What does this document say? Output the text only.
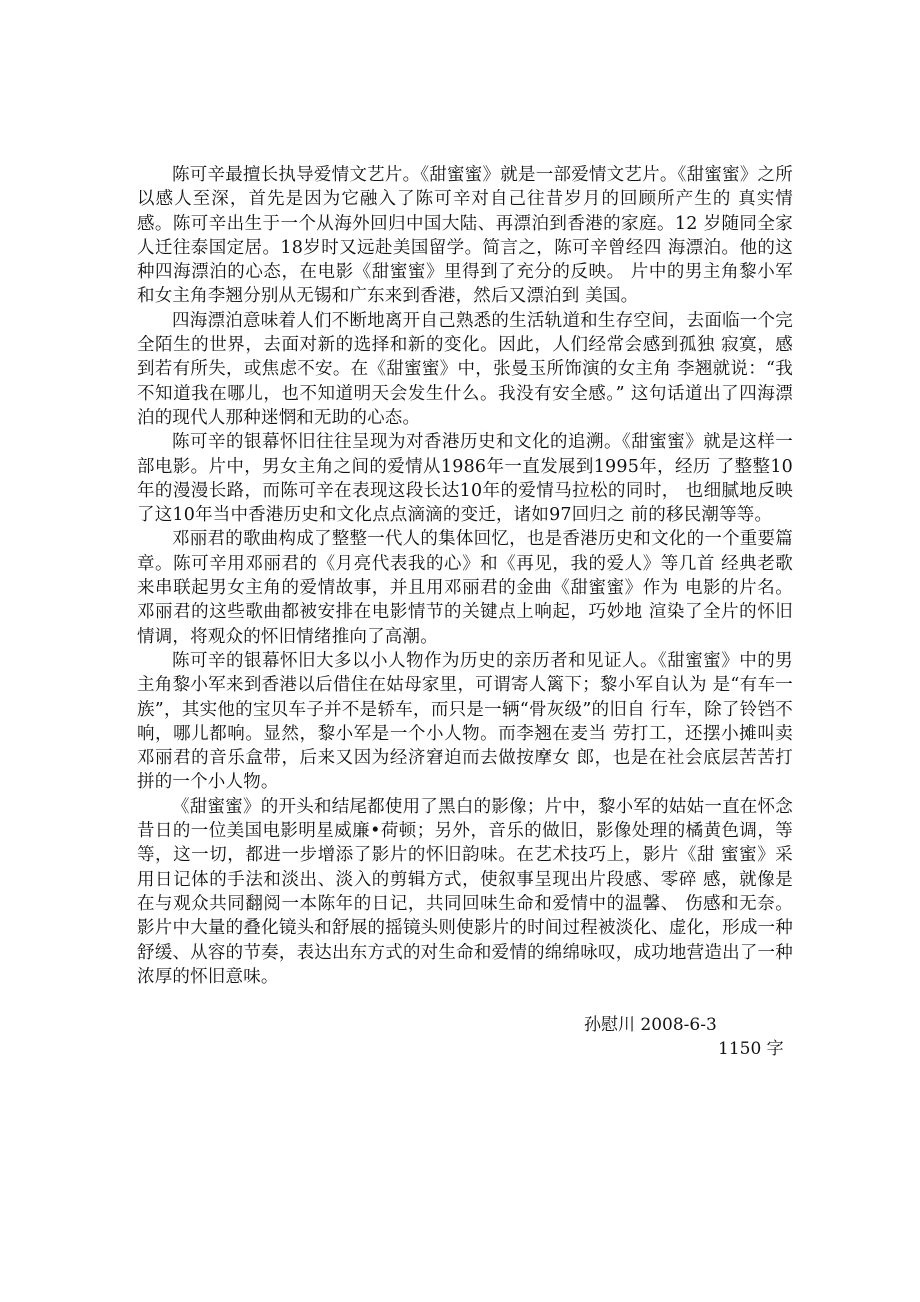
陈可辛最擅长执导爱情文艺片。《甜蜜蜜》就是一部爱情文艺片。《甜蜜蜜》之所以感人至深，首先是因为它融入了陈可辛对自己往昔岁月的回顾所产生的 真实情感。陈可辛出生于一个从海外回归中国大陆、再漂泊到香港的家庭。12 岁随同全家人迁往泰国定居。18岁时又远赴美国留学。简言之，陈可辛曾经四 海漂泊。他的这种四海漂泊的心态，在电影《甜蜜蜜》里得到了充分的反映。 片中的男主角黎小军和女主角李翘分别从无锡和广东来到香港，然后又漂泊到 美国。

四海漂泊意味着人们不断地离开自己熟悉的生活轨道和生存空间，去面临一个完全陌生的世界，去面对新的选择和新的变化。因此，人们经常会感到孤独 寂寞，感到若有所失，或焦虑不安。在《甜蜜蜜》中，张曼玉所饰演的女主角 李翘就说：“我不知道我在哪儿，也不知道明天会发生什么。我没有安全感。” 这句话道出了四海漂泊的现代人那种迷惘和无助的心态。

陈可辛的银幕怀旧往往呈现为对香港历史和文化的追溯。《甜蜜蜜》就是这样一部电影。片中，男女主角之间的爱情从1986年一直发展到1995年，经历 了整整10年的漫漫长路，而陈可辛在表现这段长达10年的爱情马拉松的同时， 也细腻地反映了这10年当中香港历史和文化点点滴滴的变迁，诸如97回归之 前的移民潮等等。

邓丽君的歌曲构成了整整一代人的集体回忆，也是香港历史和文化的一个重要篇章。陈可辛用邓丽君的《月亮代表我的心》和《再见，我的爱人》等几首 经典老歌来串联起男女主角的爱情故事，并且用邓丽君的金曲《甜蜜蜜》作为 电影的片名。邓丽君的这些歌曲都被安排在电影情节的关键点上响起，巧妙地 渲染了全片的怀旧情调，将观众的怀旧情绪推向了高潮。

陈可辛的银幕怀旧大多以小人物作为历史的亲历者和见证人。《甜蜜蜜》中的男主角黎小军来到香港以后借住在姑母家里，可谓寄人篱下；黎小军自认为 是“有车一族”，其实他的宝贝车子并不是轿车，而只是一辆“骨灰级”的旧自 行车，除了铃铛不响，哪儿都响。显然，黎小军是一个小人物。而李翘在麦当 劳打工，还摆小摊叫卖邓丽君的音乐盒带，后来又因为经济窘迫而去做按摩女 郎，也是在社会底层苦苦打拼的一个小人物。

《甜蜜蜜》的开头和结尾都使用了黑白的影像；片中，黎小军的姑姑一直在怀念昔日的一位美国电影明星威廉•荷顿；另外，音乐的做旧，影像处理的橘黄色调，等等，这一切，都进一步增添了影片的怀旧韵味。在艺术技巧上，影片《甜 蜜蜜》采用日记体的手法和淡出、淡入的剪辑方式，使叙事呈现出片段感、零碎 感，就像是在与观众共同翻阅一本陈年的日记，共同回味生命和爱情中的温馨、 伤感和无奈。影片中大量的叠化镜头和舒展的摇镜头则使影片的时间过程被淡化、虚化，形成一种舒缓、从容的节奏，表达出东方式的对生命和爱情的绵绵咏叹，成功地营造出了一种浓厚的怀旧意味。

孙慰川 2008-6-3
1150 字
